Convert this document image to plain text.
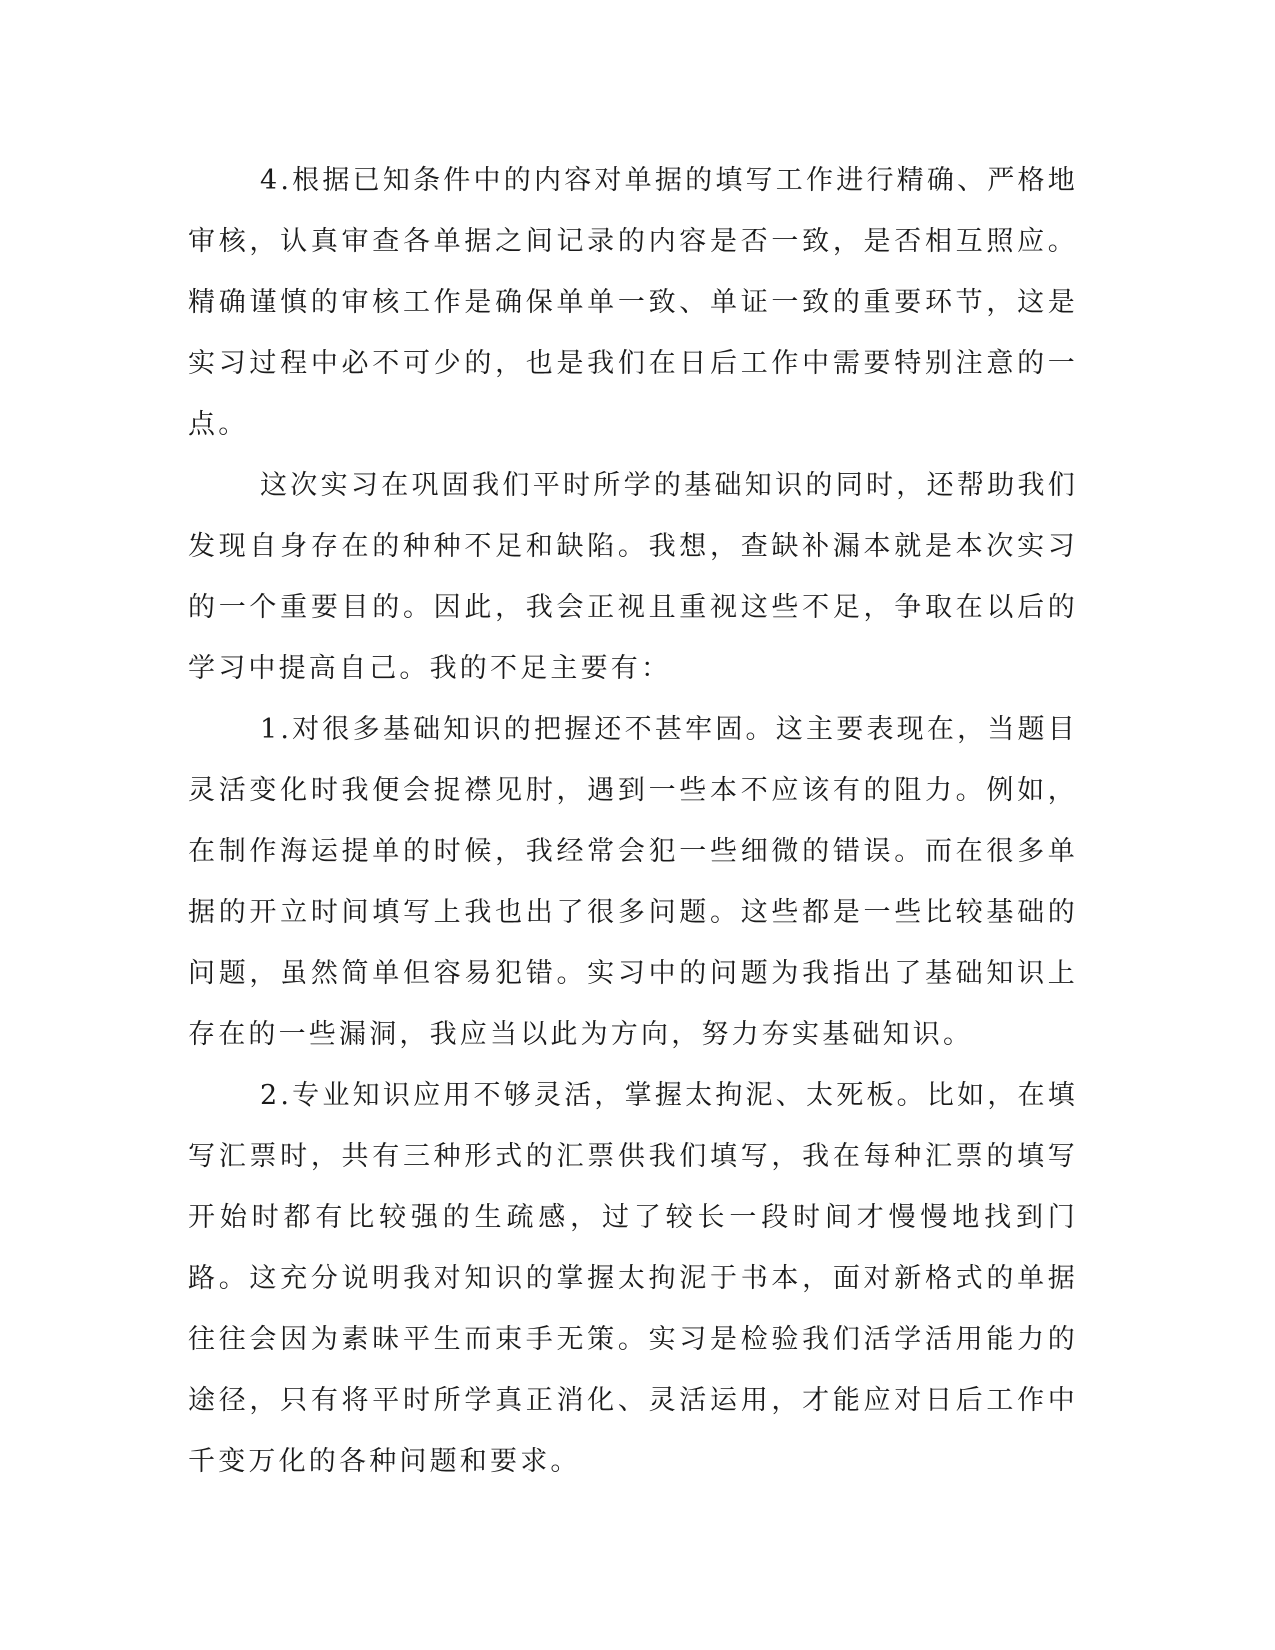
4.根据已知条件中的内容对单据的填写工作进行精确、严格地审核，认真审查各单据之间记录的内容是否一致，是否相互照应。精确谨慎的审核工作是确保单单一致、单证一致的重要环节，这是实习过程中必不可少的，也是我们在日后工作中需要特别注意的一点。

这次实习在巩固我们平时所学的基础知识的同时，还帮助我们发现自身存在的种种不足和缺陷。我想，查缺补漏本就是本次实习的一个重要目的。因此，我会正视且重视这些不足，争取在以后的学习中提高自己。我的不足主要有：

1.对很多基础知识的把握还不甚牢固。这主要表现在，当题目灵活变化时我便会捉襟见肘，遇到一些本不应该有的阻力。例如，在制作海运提单的时候，我经常会犯一些细微的错误。而在很多单据的开立时间填写上我也出了很多问题。这些都是一些比较基础的问题，虽然简单但容易犯错。实习中的问题为我指出了基础知识上存在的一些漏洞，我应当以此为方向，努力夯实基础知识。

2.专业知识应用不够灵活，掌握太拘泥、太死板。比如，在填写汇票时，共有三种形式的汇票供我们填写，我在每种汇票的填写开始时都有比较强的生疏感，过了较长一段时间才慢慢地找到门路。这充分说明我对知识的掌握太拘泥于书本，面对新格式的单据往往会因为素昧平生而束手无策。实习是检验我们活学活用能力的途径，只有将平时所学真正消化、灵活运用，才能应对日后工作中千变万化的各种问题和要求。
